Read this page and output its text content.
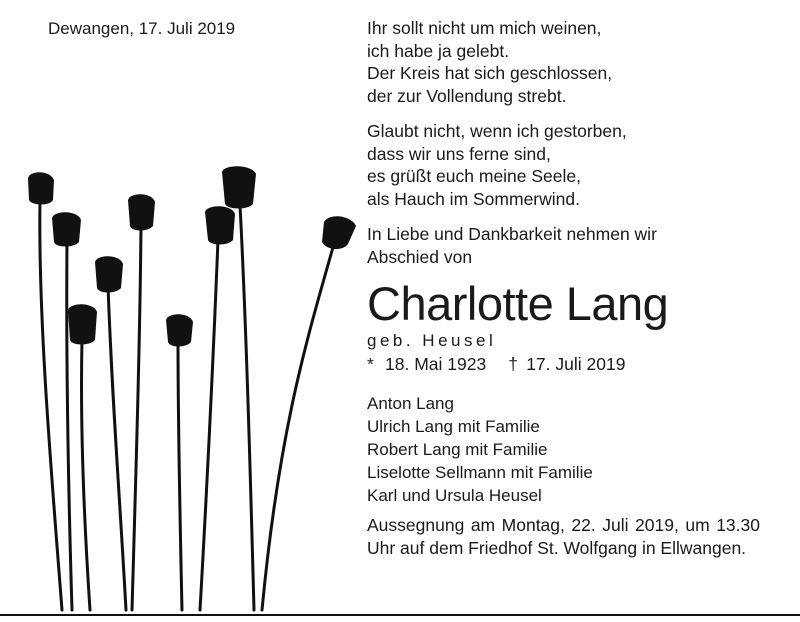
Dewangen, 17. Juli 2019	Ihr sollt nicht um mich weinen,
ich habe ja gelebt.
Der Kreis hat sich geschlossen,
der zur Vollendung strebt.

Glaubt nicht, wenn ich gestorben,
dass wir uns ferne sind,
es grüßt euch meine Seele,
als Hauch im Sommerwind.

In Liebe und Dankbarkeit nehmen wir
Abschied von
Charlotte Lang
geb. Heusel
* 18. Mai 1923 † 17. Juli 2019
Anton Lang
Ulrich Lang mit Familie
Robert Lang mit Familie
Liselotte Sellmann mit Familie
Karl und Ursula Heusel
Aussegnung am Montag, 22. Juli 2019, um 13.30 Uhr auf dem Friedhof St. Wolfgang in Ellwangen.
